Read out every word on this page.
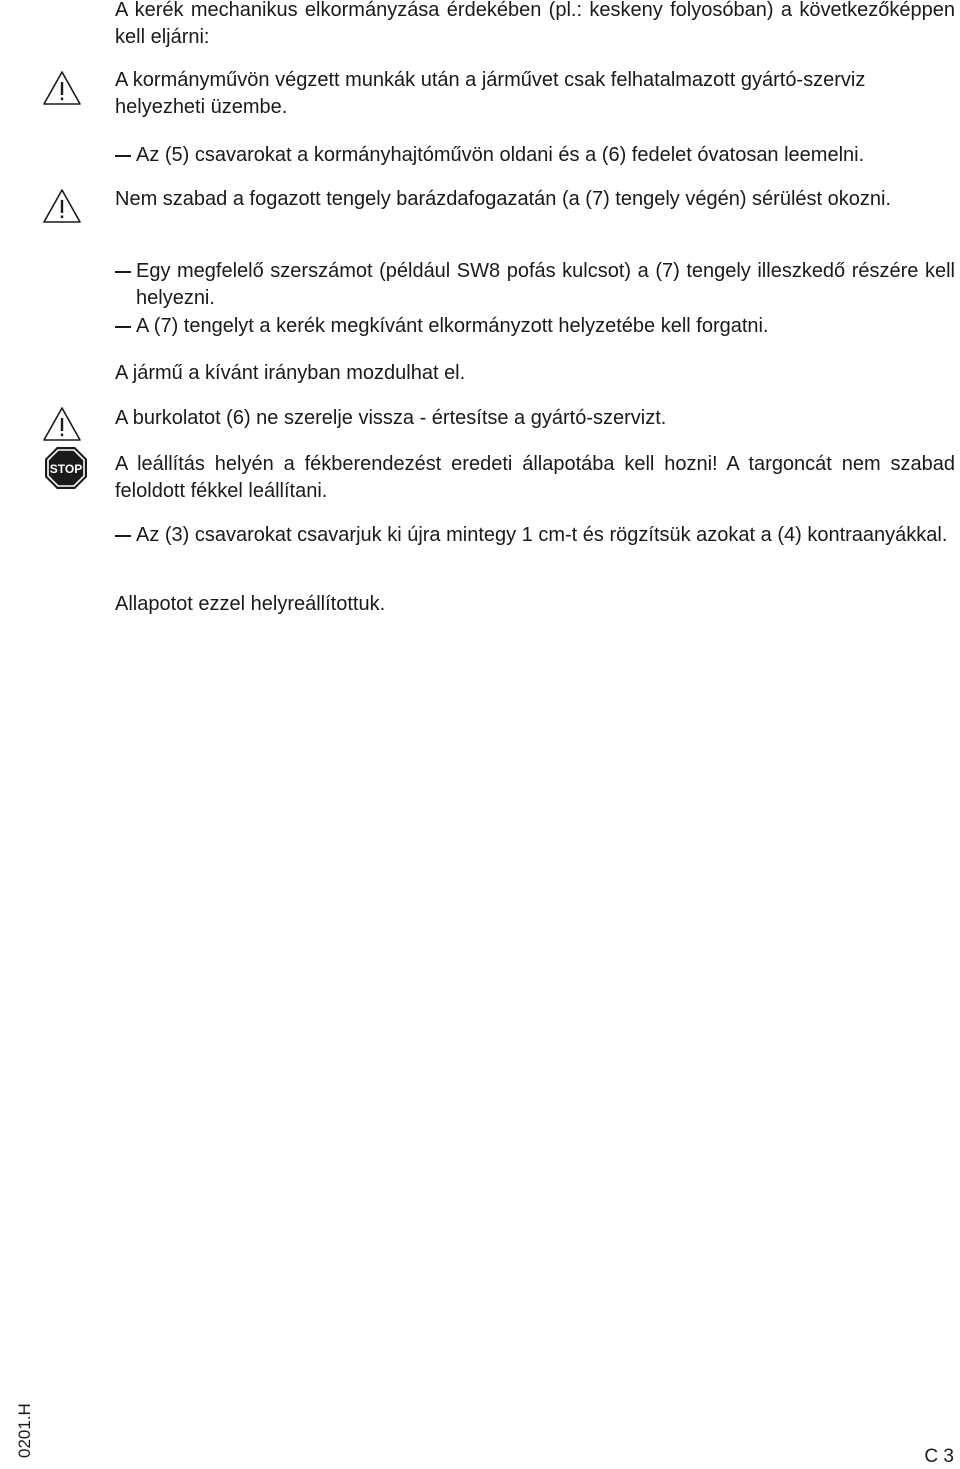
A kerék mechanikus elkormányzása érdekében (pl.: keskeny folyosóban) a következőképpen kell eljárni:
A kormányművön végzett munkák után a járművet csak felhatalmazott gyártó-szerviz helyezheti üzembe.
Az (5) csavarokat a kormányhajtóművön oldani és a (6) fedelet óvatosan leemelni.
Nem szabad a fogazott tengely barázdafogazatán (a (7) tengely végén) sérülést okozni.
Egy megfelelő szerszámot (például SW8 pofás kulcsot) a (7) tengely illeszkedő részére kell helyezni.
A (7) tengelyt a kerék megkívánt elkormányzott helyzetébe kell forgatni.
A jármű a kívánt irányban mozdulhat el.
A burkolatot (6) ne szerelje vissza - értesítse a gyártó-szervizt.
STOP A leállítás helyén a fékberendezést eredeti állapotába kell hozni! A targoncát nem szabad feloldott fékkel leállítani.
Az (3) csavarokat csavarjuk ki újra mintegy 1 cm-t és rögzítsük azokat a (4) kontraanyákkal.
Allapotot ezzel helyreállítottuk.
0201.H	C 3
